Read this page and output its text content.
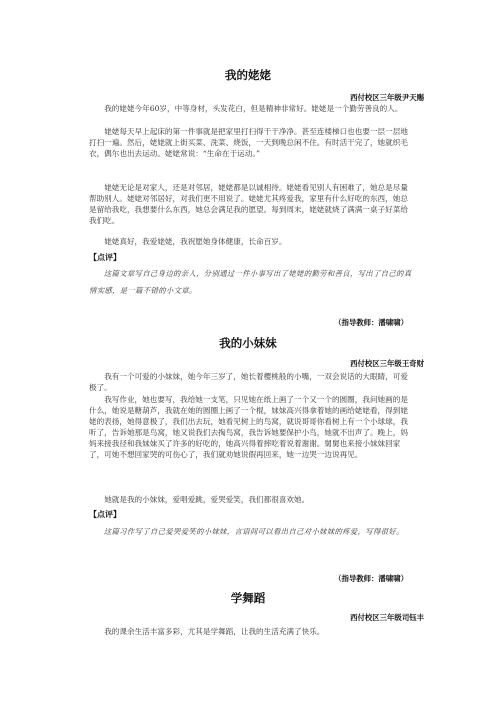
我的姥姥
西付校区三年级尹天赐

我的姥姥今年60岁，中等身材，头发花白，但是精神非常好。姥姥是一个勤劳善良的人。

姥姥每天早上起床的第一件事就是把家里打扫得干干净净。甚至连楼梯口也也要一层一层地打扫一遍。然后，姥姥就上街买菜、洗菜、烧饭，一天到晚总闲不住。有时活干完了，她就织毛衣，偶尔也出去运动。姥姥常说：“生命在于运动。”

姥姥无论是对家人，还是对邻居，姥姥都是以诚相待。姥姥看见别人有困难了，她总是尽量帮助别人。姥姥对邻居好，对我们更不用说了。姥姥尤其疼爱我，家里有什么好吃的东西，她总是留给我吃，我想要什么东西，她总会满足我的愿望。每到周末，姥姥就烧了满满一桌子好菜给我们吃。

姥姥真好，我爱姥姥，我祝愿她身体健康，长命百岁。

【点评】

这篇文章写自己身边的亲人，分别通过一件小事写出了姥姥的勤劳和善良，写出了自己的真情实感，是一篇不错的小文章。

（指导教师：潘啸啸）
我的小妹妹
西付校区三年级王奇财

我有一个可爱的小妹妹，她今年三岁了，她长着樱桃般的小嘴，一双会说话的大眼睛，可爱极了。

我写作业，她也要写，我给她一支笔，只见她在纸上画了一个又一个的圆圈，我问她画的是什么，她说是糖葫芦，我就在她的圆圈上画了一个棍，妹妹高兴得拿着她的画给姥姥看，得到姥姥的表扬，她得意极了，我们出去玩，她看见树上的鸟窝，就说哥哥你看树上有一个小球球，我听了，告诉她那是鸟窝，她又说我们去掏鸟窝，我告诉她要保护小鸟，她就不出声了。晚上，妈妈来接我径和我妹妹买了许多的好吃的，她高兴得着摔吃着说着谢谢。舅舅也来接小妹妹回家了，可她不想回家哭的可伤心了，我们就劝她说假再回来，她一边哭一边说再见。

她就是我的小妹妹，爱唱爱跳，爱哭爱笑，我们都很喜欢她。

【点评】

这篇习作写了自己爱哭爱笑的小妹妹，言语间可以看出自己对小妹妹的疼爱，写得很好。

（指导教师：潘啸啸）
学舞蹈
西付校区三年级司钰丰

我的课余生活丰富多彩，尤其是学舞蹈，让我的生活充满了快乐。
